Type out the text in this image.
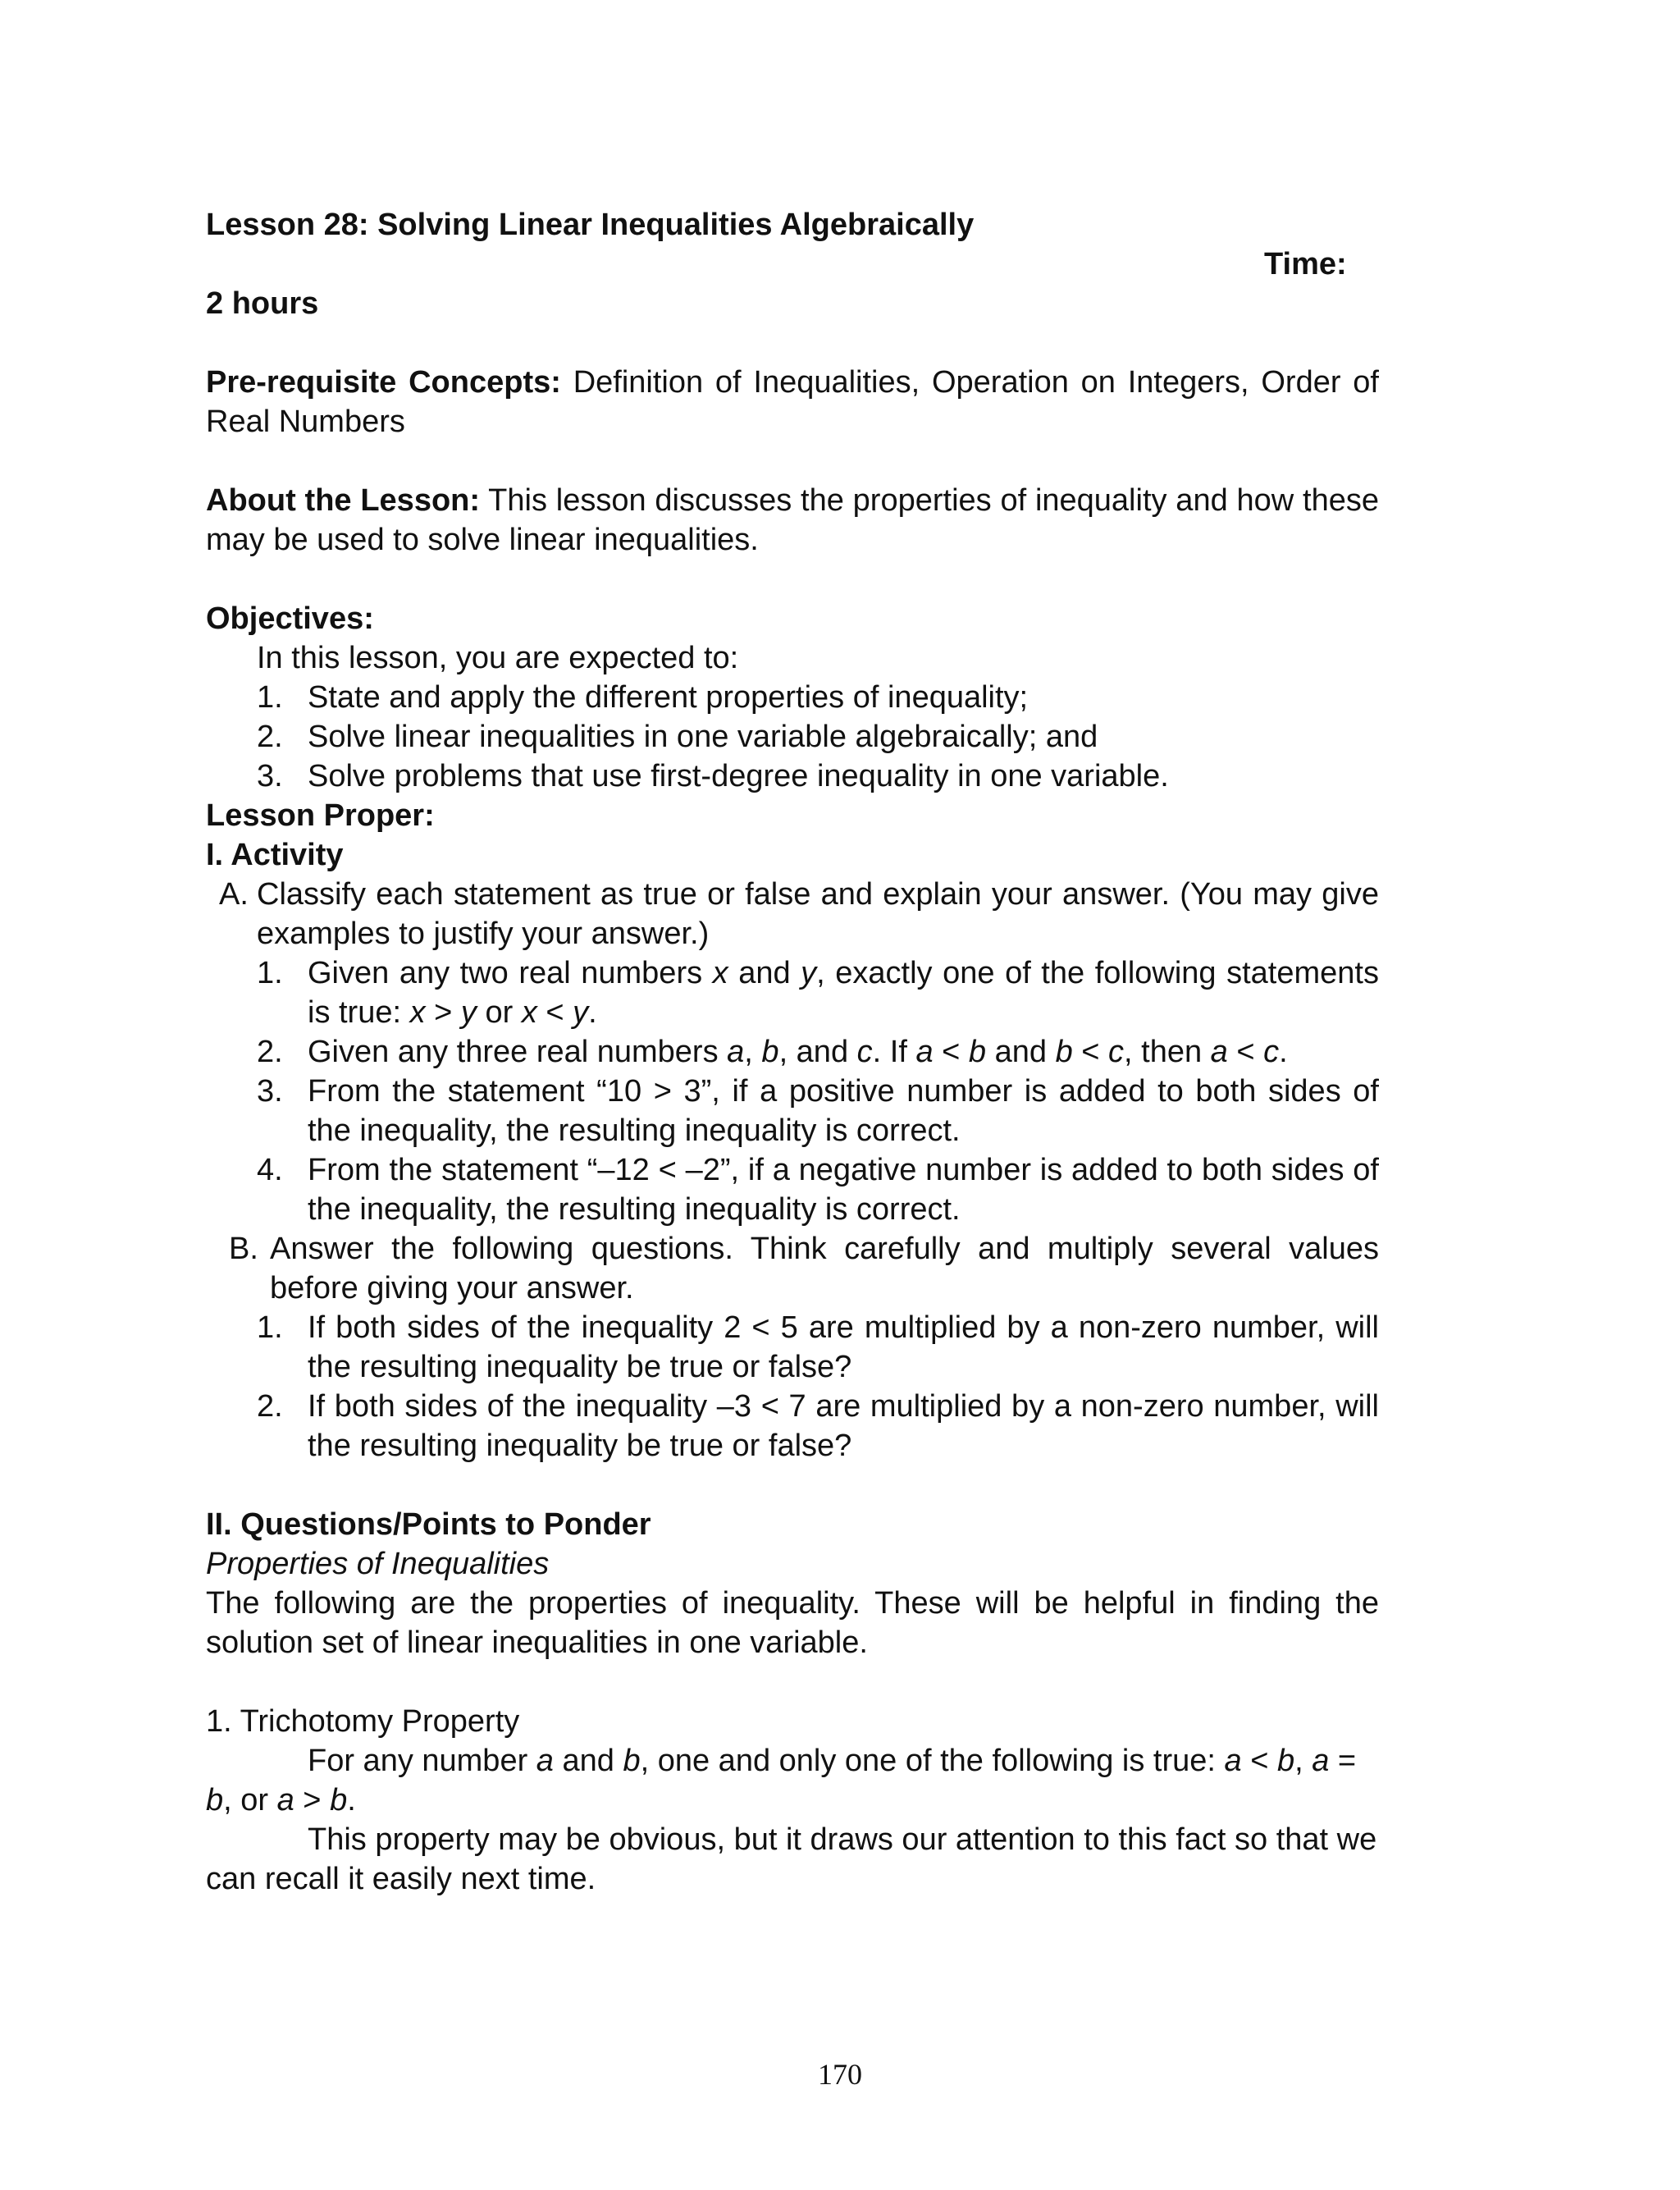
Lesson 28: Solving Linear Inequalities Algebraically
Time:
2 hours
Pre-requisite Concepts: Definition of Inequalities, Operation on Integers, Order of Real Numbers
About the Lesson: This lesson discusses the properties of inequality and how these may be used to solve linear inequalities.
Objectives:
In this lesson, you are expected to:
1. State and apply the different properties of inequality;
2. Solve linear inequalities in one variable algebraically; and
3. Solve problems that use first-degree inequality in one variable.
Lesson Proper:
I. Activity
A. Classify each statement as true or false and explain your answer. (You may give examples to justify your answer.)
1. Given any two real numbers x and y, exactly one of the following statements is true: x > y or x < y.
2. Given any three real numbers a, b, and c. If a < b and b < c, then a < c.
3. From the statement “10 > 3”, if a positive number is added to both sides of the inequality, the resulting inequality is correct.
4. From the statement “–12 < –2”, if a negative number is added to both sides of the inequality, the resulting inequality is correct.
B. Answer the following questions. Think carefully and multiply several values before giving your answer.
1. If both sides of the inequality 2 < 5 are multiplied by a non-zero number, will the resulting inequality be true or false?
2. If both sides of the inequality –3 < 7 are multiplied by a non-zero number, will the resulting inequality be true or false?
II. Questions/Points to Ponder
Properties of Inequalities
The following are the properties of inequality. These will be helpful in finding the solution set of linear inequalities in one variable.
1. Trichotomy Property
For any number a and b, one and only one of the following is true: a < b, a = b, or a > b.
This property may be obvious, but it draws our attention to this fact so that we can recall it easily next time.
170
